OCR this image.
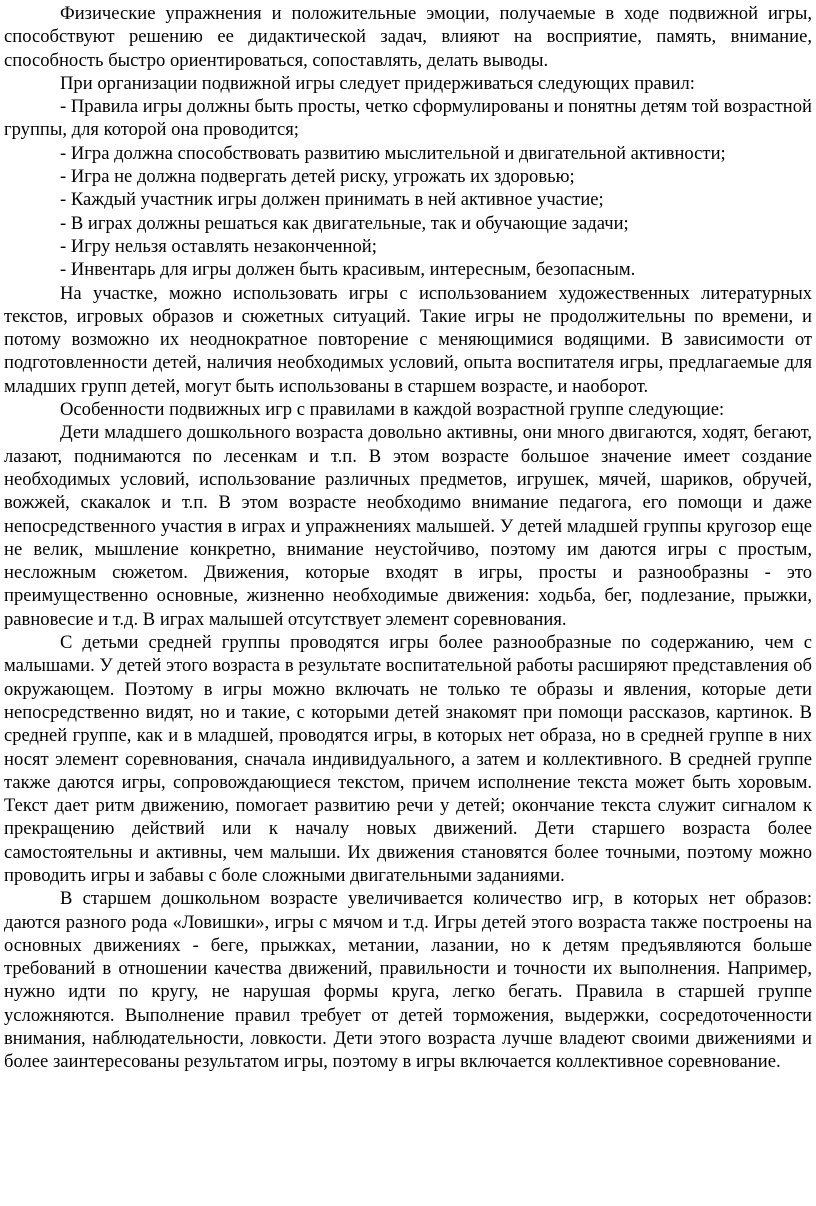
Физические упражнения и положительные эмоции, получаемые в ходе подвижной игры, способствуют решению ее дидактической задач, влияют на восприятие, память, внимание, способность быстро ориентироваться, сопоставлять, делать выводы.

При организации подвижной игры следует придерживаться следующих правил:

- Правила игры должны быть просты, четко сформулированы и понятны детям той возрастной группы, для которой она проводится;

- Игра должна способствовать развитию мыслительной и двигательной активности;

- Игра не должна подвергать детей риску, угрожать их здоровью;

- Каждый участник игры должен принимать в ней активное участие;

- В играх должны решаться как двигательные, так и обучающие задачи;

- Игру нельзя оставлять незаконченной;

- Инвентарь для игры должен быть красивым, интересным, безопасным.

На участке, можно использовать игры с использованием художественных литературных текстов, игровых образов и сюжетных ситуаций. Такие игры не продолжительны по времени, и потому возможно их неоднократное повторение с меняющимися водящими. В зависимости от подготовленности детей, наличия необходимых условий, опыта воспитателя игры, предлагаемые для младших групп детей, могут быть использованы в старшем возрасте, и наоборот.

Особенности подвижных игр с правилами в каждой возрастной группе следующие:

Дети младшего дошкольного возраста довольно активны, они много двигаются, ходят, бегают, лазают, поднимаются по лесенкам и т.п. В этом возрасте большое значение имеет создание необходимых условий, использование различных предметов, игрушек, мячей, шариков, обручей, вожжей, скакалок и т.п. В этом возрасте необходимо внимание педагога, его помощи и даже непосредственного участия в играх и упражнениях малышей. У детей младшей группы кругозор еще не велик, мышление конкретно, внимание неустойчиво, поэтому им даются игры с простым, несложным сюжетом. Движения, которые входят в игры, просты и разнообразны - это преимущественно основные, жизненно необходимые движения: ходьба, бег, подлезание, прыжки, равновесие и т.д. В играх малышей отсутствует элемент соревнования.

С детьми средней группы проводятся игры более разнообразные по содержанию, чем с малышами. У детей этого возраста в результате воспитательной работы расширяют представления об окружающем. Поэтому в игры можно включать не только те образы и явления, которые дети непосредственно видят, но и такие, с которыми детей знакомят при помощи рассказов, картинок. В средней группе, как и в младшей, проводятся игры, в которых нет образа, но в средней группе в них носят элемент соревнования, сначала индивидуального, а затем и коллективного. В средней группе также даются игры, сопровождающиеся текстом, причем исполнение текста может быть хоровым. Текст дает ритм движению, помогает развитию речи у детей; окончание текста служит сигналом к прекращению действий или к началу новых движений. Дети старшего возраста более самостоятельны и активны, чем малыши. Их движения становятся более точными, поэтому можно проводить игры и забавы с боле сложными двигательными заданиями.

В старшем дошкольном возрасте увеличивается количество игр, в которых нет образов: даются разного рода «Ловишки», игры с мячом и т.д. Игры детей этого возраста также построены на основных движениях - беге, прыжках, метании, лазании, но к детям предъявляются больше требований в отношении качества движений, правильности и точности их выполнения. Например, нужно идти по кругу, не нарушая формы круга, легко бегать. Правила в старшей группе усложняются. Выполнение правил требует от детей торможения, выдержки, сосредоточенности внимания, наблюдательности, ловкости. Дети этого возраста лучше владеют своими движениями и более заинтересованы результатом игры, поэтому в игры включается коллективное соревнование.
